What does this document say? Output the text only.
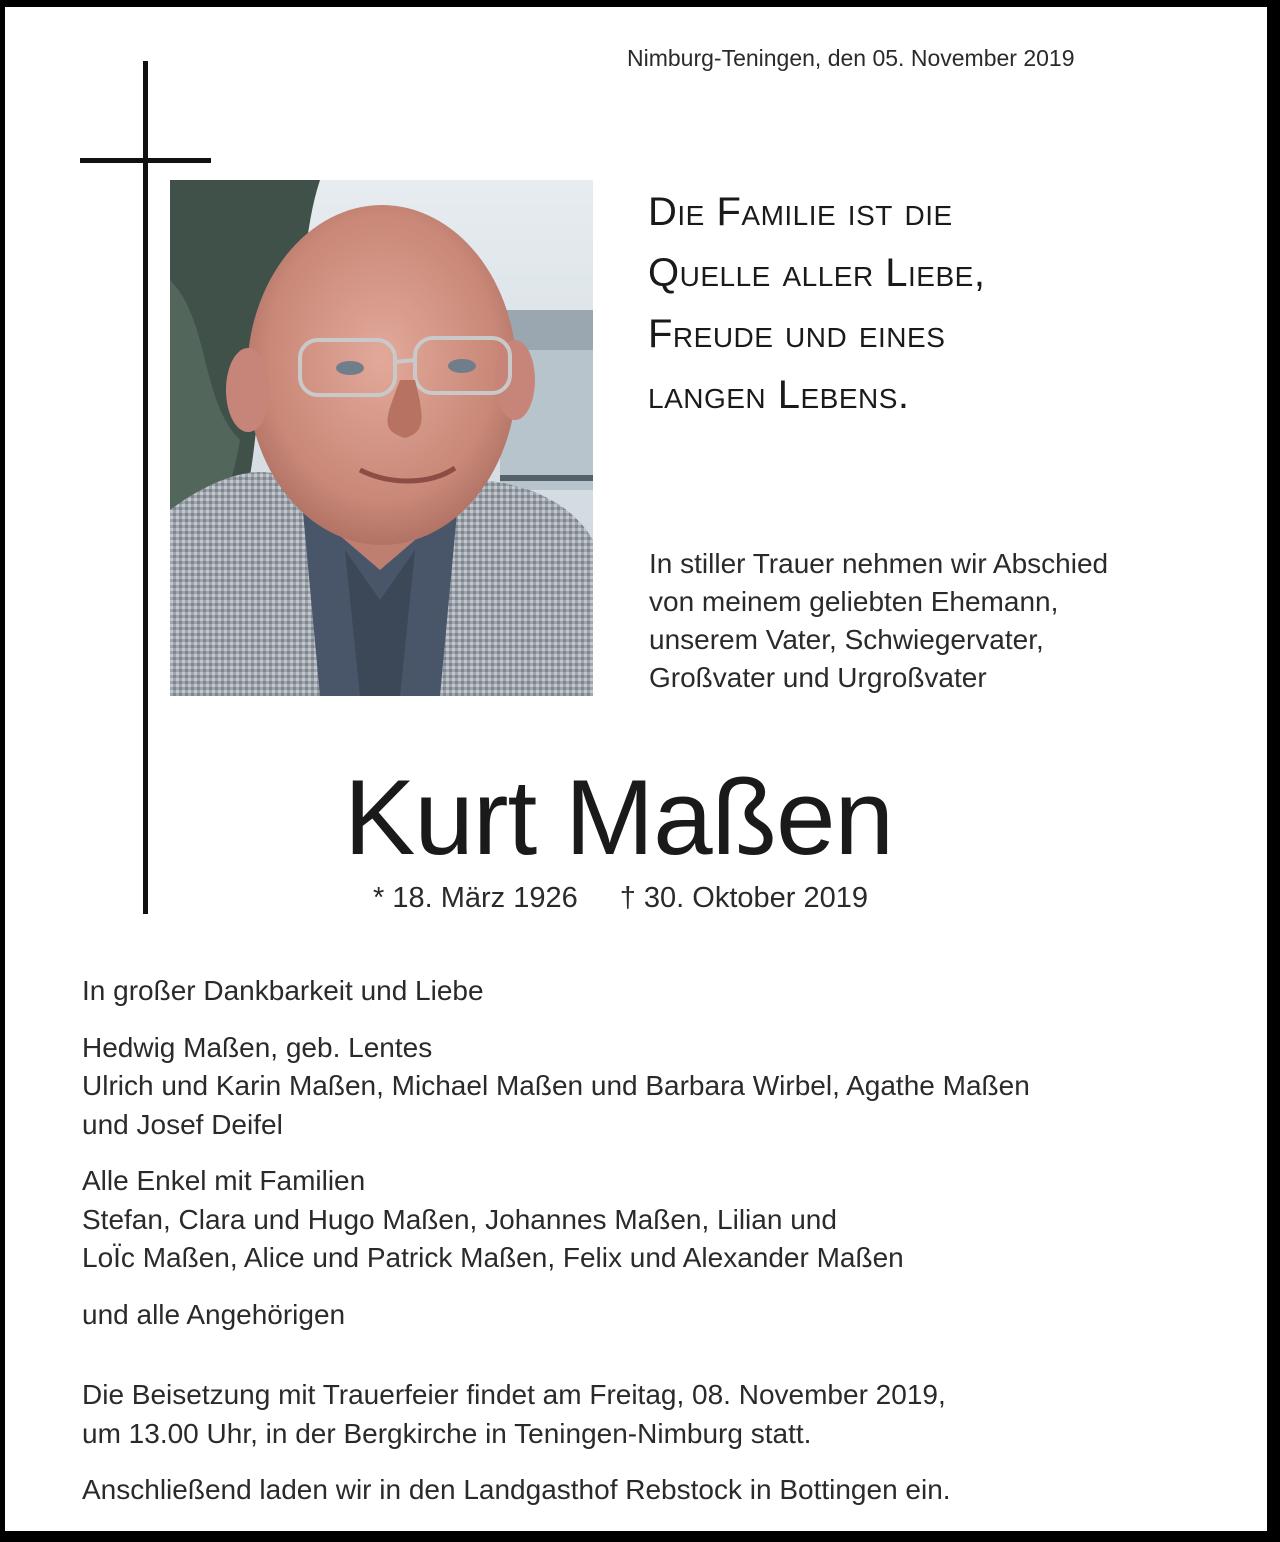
Nimburg-Teningen, den 05. November 2019
Die Familie ist die
Quelle aller Liebe,
Freude und eines
langen Lebens.
In stiller Trauer nehmen wir Abschied
von meinem geliebten Ehemann,
unserem Vater, Schwiegervater,
Großvater und Urgroßvater
Kurt Maßen
* 18. März 1926 † 30. Oktober 2019
In großer Dankbarkeit und Liebe
Hedwig Maßen, geb. Lentes
Ulrich und Karin Maßen, Michael Maßen und Barbara Wirbel, Agathe Maßen
und Josef Deifel
Alle Enkel mit Familien
Stefan, Clara und Hugo Maßen, Johannes Maßen, Lilian und
LoÏc Maßen, Alice und Patrick Maßen, Felix und Alexander Maßen
und alle Angehörigen
Die Beisetzung mit Trauerfeier findet am Freitag, 08. November 2019,
um 13.00 Uhr, in der Bergkirche in Teningen-Nimburg statt.
Anschließend laden wir in den Landgasthof Rebstock in Bottingen ein.
